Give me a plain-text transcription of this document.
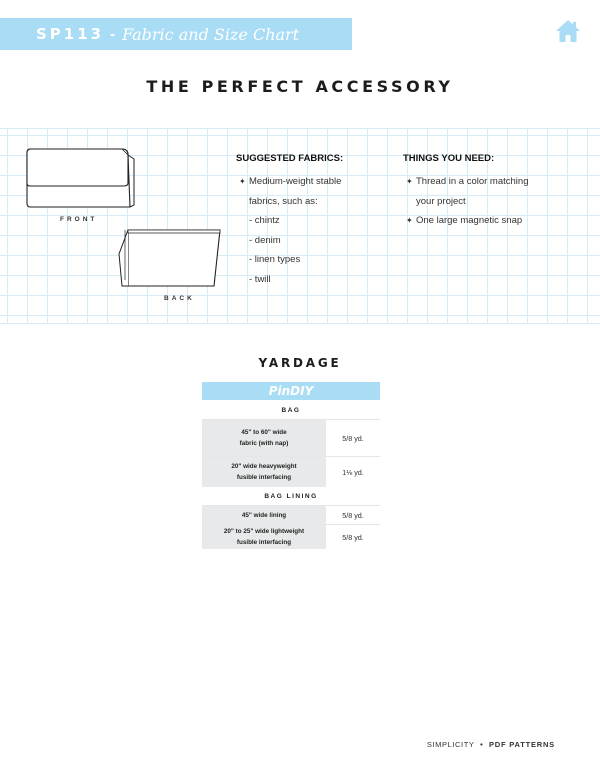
SP113 - Fabric and Size Chart
THE PERFECT ACCESSORY
FRONT
BACK
SUGGESTED FABRICS:
✦ Medium-weight stable
fabrics, such as:
- chintz
- denim
- linen types
- twill
THINGS YOU NEED:
✦ Thread in a color matching
your project
✦ One large magnetic snap
YARDAGE
PinDIY
BAG
45" to 60" wide
fabric (with nap)
5/8 yd.
20" wide heavyweight
fusible interfacing
1⅛ yd.
BAG LINING
45" wide lining	5/8 yd.
20" to 25" wide lightweight
fusible interfacing
5/8 yd.
SIMPLICITY • PDF PATTERNS
